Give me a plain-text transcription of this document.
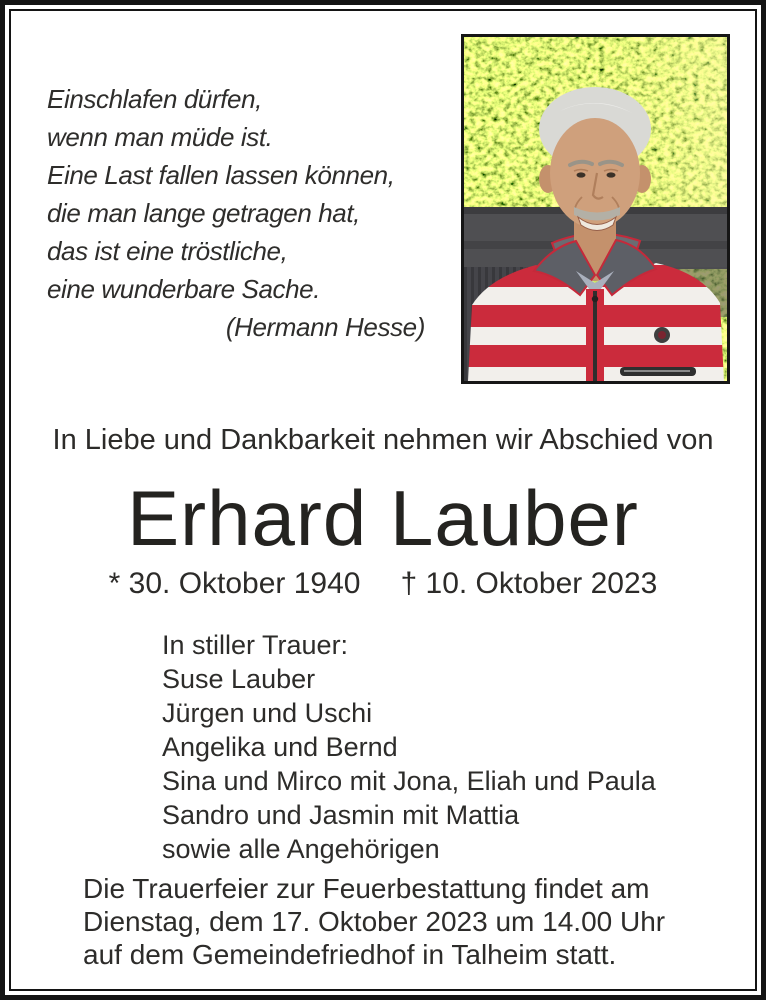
Einschlafen dürfen,
wenn man müde ist.
Eine Last fallen lassen können,
die man lange getragen hat,
das ist eine tröstliche,
eine wunderbare Sache.
(Hermann Hesse)
In Liebe und Dankbarkeit nehmen wir Abschied von
Erhard Lauber
* 30. Oktober 1940 † 10. Oktober 2023
In stiller Trauer:
Suse Lauber
Jürgen und Uschi
Angelika und Bernd
Sina und Mirco mit Jona, Eliah und Paula
Sandro und Jasmin mit Mattia
sowie alle Angehörigen
Die Trauerfeier zur Feuerbestattung findet am
Dienstag, dem 17. Oktober 2023 um 14.00 Uhr
auf dem Gemeindefriedhof in Talheim statt.
